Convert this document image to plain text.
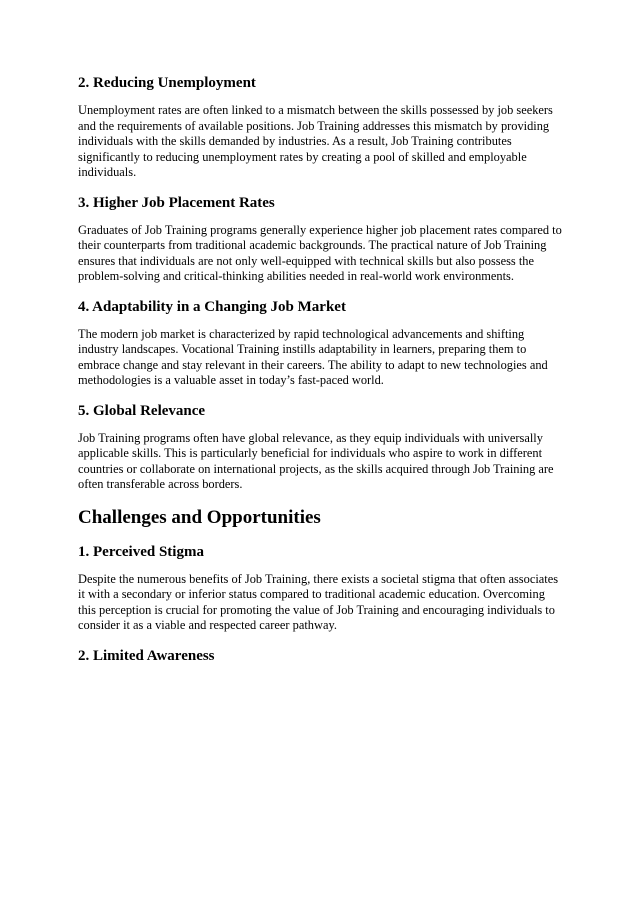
2. Reducing Unemployment

Unemployment rates are often linked to a mismatch between the skills possessed by job seekers and the requirements of available positions. Job Training addresses this mismatch by providing individuals with the skills demanded by industries. As a result, Job Training contributes significantly to reducing unemployment rates by creating a pool of skilled and employable individuals.

3. Higher Job Placement Rates

Graduates of Job Training programs generally experience higher job placement rates compared to their counterparts from traditional academic backgrounds. The practical nature of Job Training ensures that individuals are not only well-equipped with technical skills but also possess the problem-solving and critical-thinking abilities needed in real-world work environments.

4. Adaptability in a Changing Job Market

The modern job market is characterized by rapid technological advancements and shifting industry landscapes. Vocational Training instills adaptability in learners, preparing them to embrace change and stay relevant in their careers. The ability to adapt to new technologies and methodologies is a valuable asset in today’s fast-paced world.

5. Global Relevance

Job Training programs often have global relevance, as they equip individuals with universally applicable skills. This is particularly beneficial for individuals who aspire to work in different countries or collaborate on international projects, as the skills acquired through Job Training are often transferable across borders.

Challenges and Opportunities
1. Perceived Stigma

Despite the numerous benefits of Job Training, there exists a societal stigma that often associates it with a secondary or inferior status compared to traditional academic education. Overcoming this perception is crucial for promoting the value of Job Training and encouraging individuals to consider it as a viable and respected career pathway.

2. Limited Awareness
